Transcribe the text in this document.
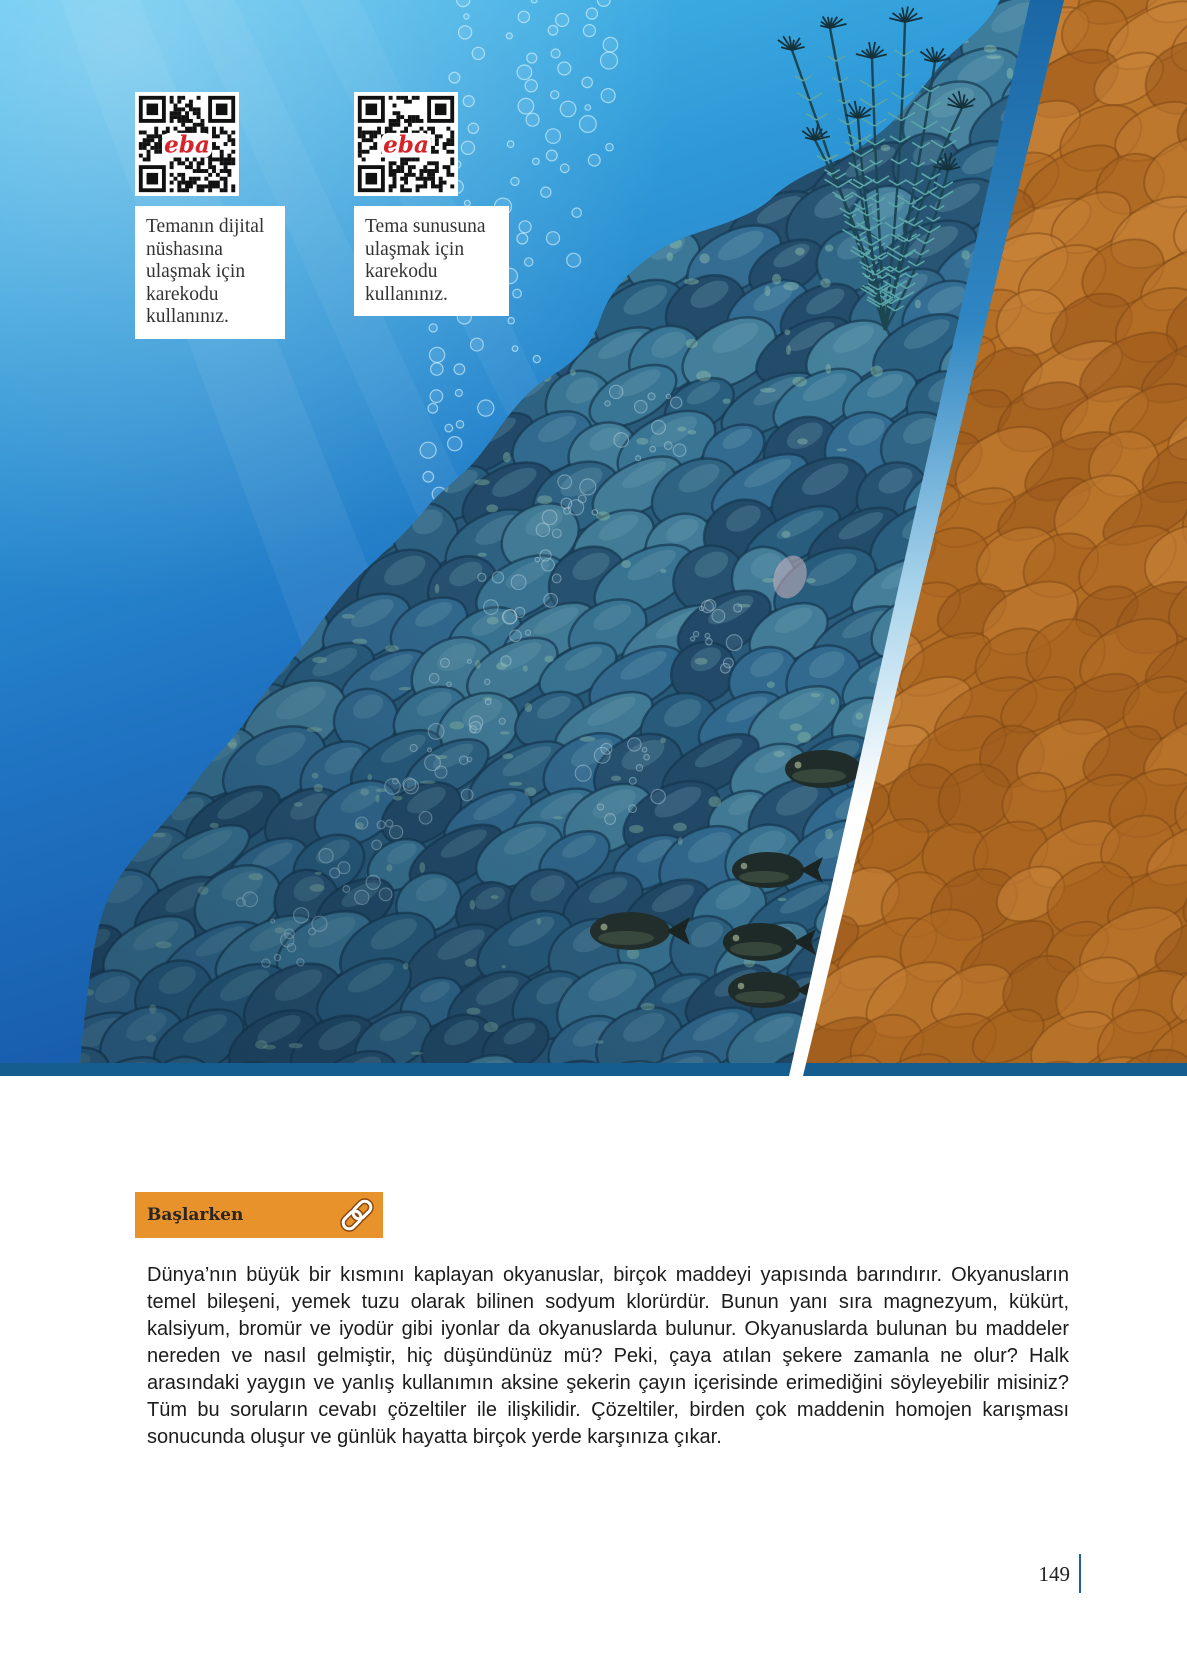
eba	eba
Temanın dijital
nüshasına
ulaşmak için
karekodu
kullanınız.
Tema sunusuna
ulaşmak için
karekodu
kullanınız.
Başlarken
Dünya’nın büyük bir kısmını kaplayan okyanuslar, birçok maddeyi yapısında barındırır. Okyanusların
temel bileşeni, yemek tuzu olarak bilinen sodyum klorürdür. Bunun yanı sıra magnezyum, kükürt,
kalsiyum, bromür ve iyodür gibi iyonlar da okyanuslarda bulunur. Okyanuslarda bulunan bu maddeler
nereden ve nasıl gelmiştir, hiç düşündünüz mü? Peki, çaya atılan şekere zamanla ne olur? Halk
arasındaki yaygın ve yanlış kullanımın aksine şekerin çayın içerisinde erimediğini söyleyebilir misiniz?
Tüm bu soruların cevabı çözeltiler ile ilişkilidir. Çözeltiler, birden çok maddenin homojen karışması
sonucunda oluşur ve günlük hayatta birçok yerde karşınıza çıkar.
149
